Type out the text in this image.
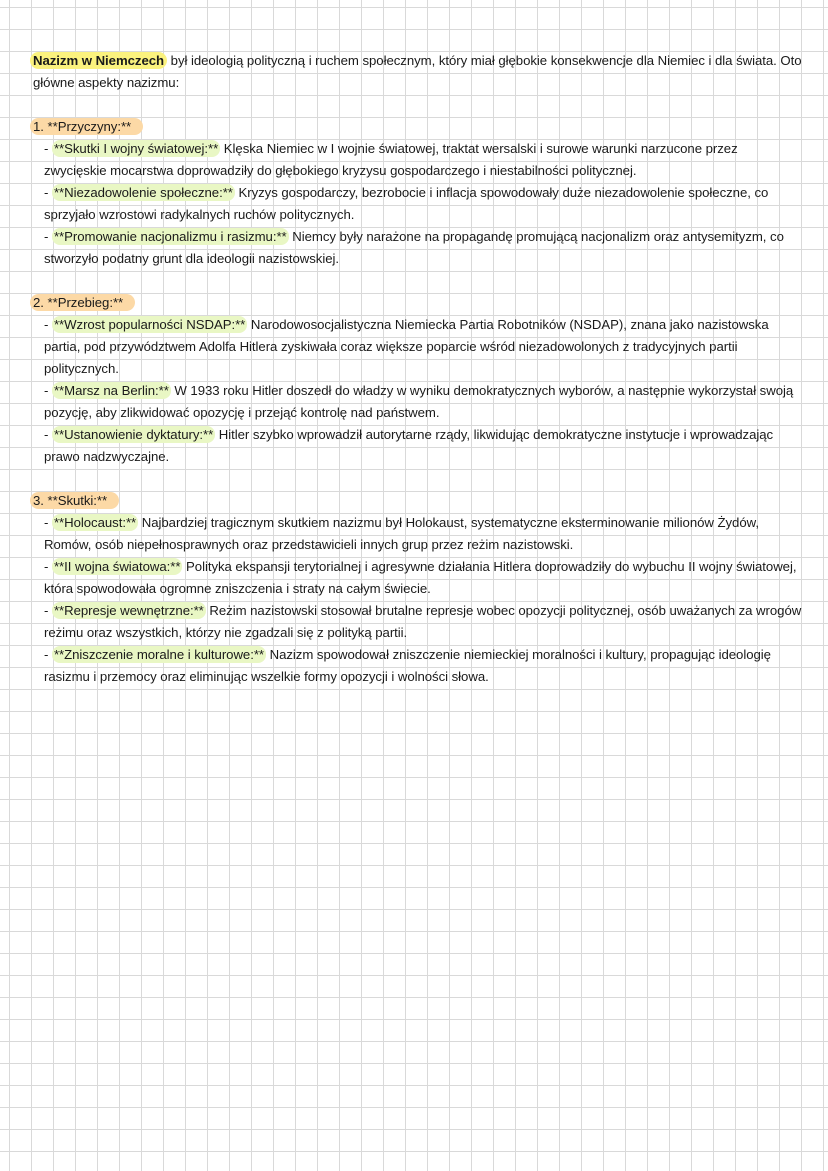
Nazizm w Niemczech był ideologią polityczną i ruchem społecznym, który miał głębokie konsekwencje dla Niemiec i dla świata. Oto główne aspekty nazizmu:

1. **Przyczyny:**

- **Skutki I wojny światowej:** Klęska Niemiec w I wojnie światowej, traktat wersalski i surowe warunki narzucone przez zwycięskie mocarstwa doprowadziły do głębokiego kryzysu gospodarczego i niestabilności politycznej.

- **Niezadowolenie społeczne:** Kryzys gospodarczy, bezrobocie i inflacja spowodowały duże niezadowolenie społeczne, co sprzyjało wzrostowi radykalnych ruchów politycznych.

- **Promowanie nacjonalizmu i rasizmu:** Niemcy były narażone na propagandę promującą nacjonalizm oraz antysemityzm, co stworzyło podatny grunt dla ideologii nazistowskiej.

2. **Przebieg:**

- **Wzrost popularności NSDAP:** Narodowosocjalistyczna Niemiecka Partia Robotników (NSDAP), znana jako nazistowska partia, pod przywództwem Adolfa Hitlera zyskiwała coraz większe poparcie wśród niezadowolonych z tradycyjnych partii politycznych.

- **Marsz na Berlin:** W 1933 roku Hitler doszedł do władzy w wyniku demokratycznych wyborów, a następnie wykorzystał swoją pozycję, aby zlikwidować opozycję i przejąć kontrolę nad państwem.

- **Ustanowienie dyktatury:** Hitler szybko wprowadził autorytarne rządy, likwidując demokratyczne instytucje i wprowadzając prawo nadzwyczajne.

3. **Skutki:**

- **Holocaust:** Najbardziej tragicznym skutkiem nazizmu był Holokaust, systematyczne eksterminowanie milionów Żydów, Romów, osób niepełnosprawnych oraz przedstawicieli innych grup przez reżim nazistowski.

- **II wojna światowa:** Polityka ekspansji terytorialnej i agresywne działania Hitlera doprowadziły do wybuchu II wojny światowej, która spowodowała ogromne zniszczenia i straty na całym świecie.

- **Represje wewnętrzne:** Reżim nazistowski stosował brutalne represje wobec opozycji politycznej, osób uważanych za wrogów reżimu oraz wszystkich, którzy nie zgadzali się z polityką partii.

- **Zniszczenie moralne i kulturowe:** Nazizm spowodował zniszczenie niemieckiej moralności i kultury, propagując ideologię rasizmu i przemocy oraz eliminując wszelkie formy opozycji i wolności słowa.
